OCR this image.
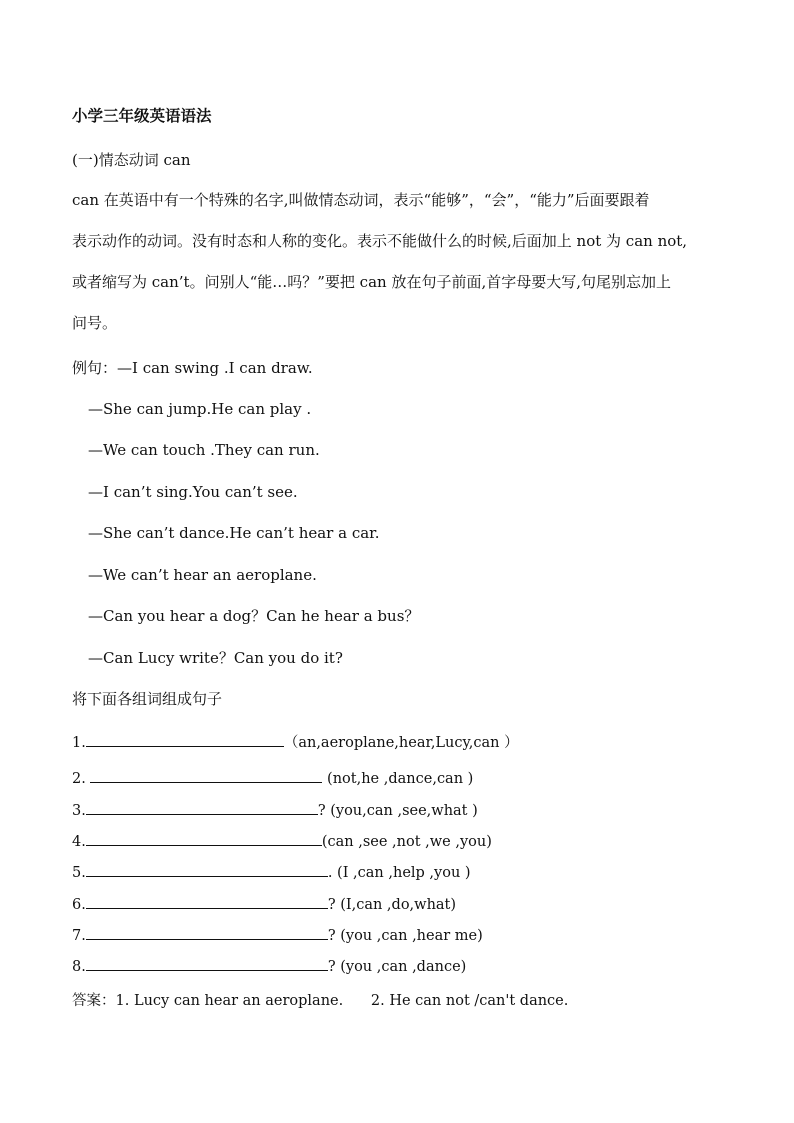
小学三年级英语语法
(一)情态动词 can
can 在英语中有一个特殊的名字,叫做情态动词，表示“能够”，“会”，“能力”后面要跟着
表示动作的动词。没有时态和人称的变化。表示不能做什么的时候,后面加上 not 为 can not,
或者缩写为 can’t。问别人“能…吗？”要把 can 放在句子前面,首字母要大写,句尾别忘加上
问号。
例句：—I can swing .I can draw.
—She can jump.He can play .
—We can touch .They can run.
—I can’t sing.You can’t see.
—She can’t dance.He can’t hear a car.
—We can’t hear an aeroplane.
—Can you hear a dog？Can he hear a bus？
—Can Lucy write？Can you do it?
将下面各组词组成句子
1.	（an,aeroplane,hear,Lucy,can ）
2.	(not,he ,dance,can )
3.	? (you,can ,see,what )
4.	(can ,see ,not ,we ,you)
5.	. (I ,can ,help ,you )
6.	? (I,can ,do,what)
7.	? (you ,can ,hear me)
8.	? (you ,can ,dance)
答案：1. Lucy can hear an aeroplane.      2. He can not /can't dance.
